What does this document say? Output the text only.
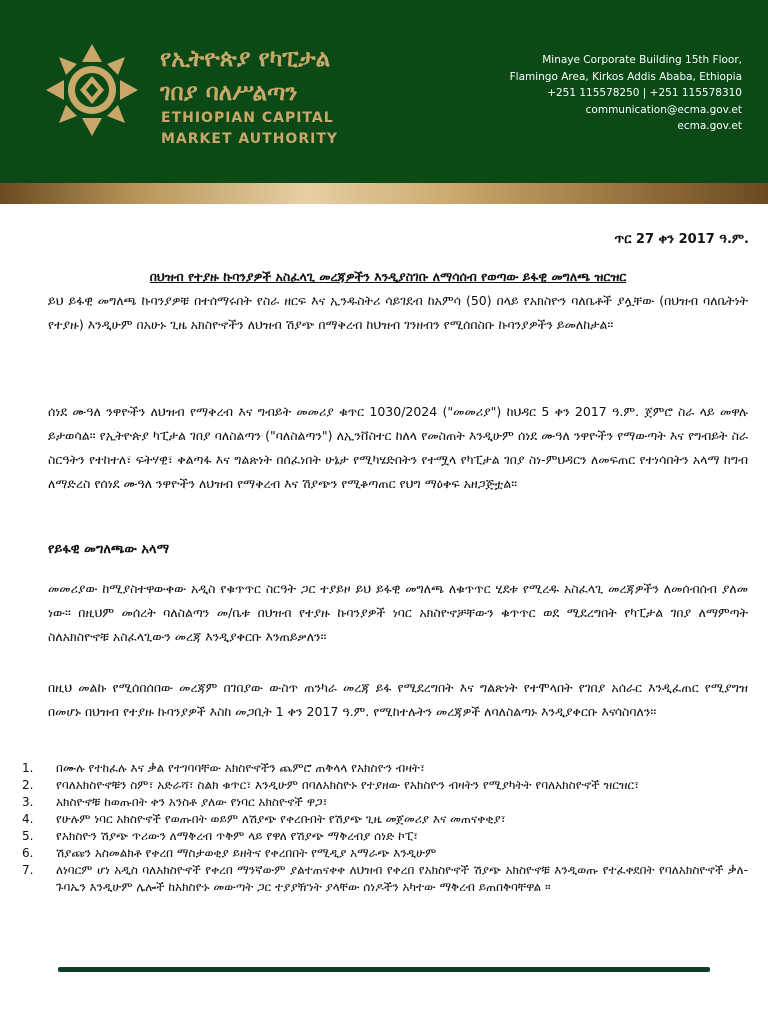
የኢትዮጵያ የካፒታል
ገበያ ባለሥልጣን
ETHIOPIAN CAPITAL
MARKET AUTHORITY
Minaye Corporate Building 15th Floor,
Flamingo Area, Kirkos Addis Ababa, Ethiopia
+251 115578250 | +251 115578310
communication@ecma.gov.et
ecma.gov.et
ጥር 27 ቀን 2017 ዓ.ም.
በህዝብ የተያዙ ኩባንያዎች አስፈላጊ መረጃዎችን እንዲያስገቡ ለማሳሰብ የወጣው ይፋዊ መግለጫ ዝርዝር
ይህ ይፋዊ መግለጫ ኩባንያዎቹ በተሰማሩበት የስራ ዘርፍ እና ኢንዱስትሪ ሳይገደብ ከአምሳ (50) በላይ የአክስዮን ባለቤቶች ያሏቸው (በህዝብ ባለቤትነት የተያዙ) እንዲሁም በአሁኑ ጊዜ አክስዮኖችን ለህዝብ ሽያጭ በማቅረብ ከህዝብ ገንዘብን የሚሰበስቡ ኩባንያዎችን ይመለከታል።
ሰነደ ሙዓለ ንዋዮችን ለህዝብ የማቅረብ እና ግብይት መመሪያ ቁጥር 1030/2024 ("መመሪያ") ከህዳር 5 ቀን 2017 ዓ.ም. ጀምሮ ስራ ላይ መዋሉ ይታወሳል። የኢትዮጵያ ካፒታል ገበያ ባለስልጣን ("ባለስልጣን") ለኢንቨስተር ከለላ የመስጠት እንዲሁም ሰነደ ሙዓለ ንዋዮችን የማውጣት እና የግብይት ስራ ስርዓትን የተከተለ፣ ፍትሃዊ፣ ቀልጣፋ እና ግልጽነት በሰፈነበት ሁኔታ የሚካሄድበትን የተሟላ የካፒታል ገበያ ስነ-ምህዳርን ለመፍጠር የተነሳበትን አላማ ከግብ ለማድረስ የሰነደ ሙዓለ ንዋዮችን ለህዝብ የማቅረብ እና ሽያጭን የሚቆጣጠር የህግ ማዕቀፍ አዘጋጅቷል።
የይፋዊ መግለጫው አላማ
መመሪያው ከሚያስተዋውቀው አዲስ የቁጥጥር ስርዓት ጋር ተያይዞ ይህ ይፋዊ መግለጫ ለቁጥጥር ሂደቱ የሚረዱ አስፈላጊ መረጃዎችን ለመሰብሰብ ያለመ ነው። በዚህም መሰረት ባለስልጣን መ/ቤቱ በህዝብ የተያዙ ኩባንያዎች ነባር አክስዮኖቻቸውን ቁጥጥር ወደ ሚደረግበት የካፒታል ገበያ ለማምጣት ስለአክስዮኖቹ አስፈላጊውን መረጃ እንዲያቀርቡ እንጠይቃለን።
በዚህ መልኩ የሚሰበሰበው መረጃም በገበያው ውስጥ ጠንካራ መረጃ ይፋ የሚደረግበት እና ግልጽነት የተሞላበት የገበያ አሰራር እንዲፈጠር የሚያግዝ በመሆኑ በህዝብ የተያዙ ኩባንያዎች እስከ መጋቢት 1 ቀን 2017 ዓ.ም. የሚከተሉትን መረጃዎች ለባለስልጣኑ እንዲያቀርቡ እናሳስባለን፡፡
1.	በሙሉ የተከፈሉ እና ቃል የተገባባቸው አክስዮኖችን ጨምሮ ጠቅላላ የአክስዮን ብዛት፣
2.	የባለአክስዮኖቹን ስም፣ አድራሻ፣ ስልክ ቁጥር፣ እንዲሁም በባለአክስዮኑ የተያዘው የአክስዮን ብዛትን የሚያካትት የባለአክስዮኖች ዝርዝር፣
3.	አክስዮኖቹ ከወጡበት ቀን አንስቶ ያለው የነባር አክስዮኖች ዋጋ፣
4.	የሁሉም ነባር አክስዮኖች የወጡበት ወይም ለሽያጭ የቀረቡበት የሽያጭ ጊዜ መጀመሪያ እና መጠናቀቂያ፣
5.	የአክስዮን ሽያጭ ጥሪውን ለማቅረብ ጥቅም ላይ የዋለ የሽያጭ ማቅረብያ ሰነድ ኮፒ፣
6.	ሽያጩን አስመልክቶ የቀረበ ማስታወቂያ ይዘትና የቀረበበት የሚዲያ አማራጭ እንዲሁም
7.	ለነባርም ሆነ አዲስ ባለአክስዮኖች የቀረበ ማንኛውም ያልተጠናቀቀ ለህዝብ የቀረበ የአክስዮኖች ሽያጭ አክስዮኖቹ እንዲወጡ የተፈቀደበት የባለአክስዮኖች ቃለ-ጉባኤን እንዲሁም ሌሎች ከአክስዮኑ መውጣት ጋር ተያያዥነት ያላቸው ሰነዶችን አካተው ማቅረብ ይጠበቅባቸዋል ።
